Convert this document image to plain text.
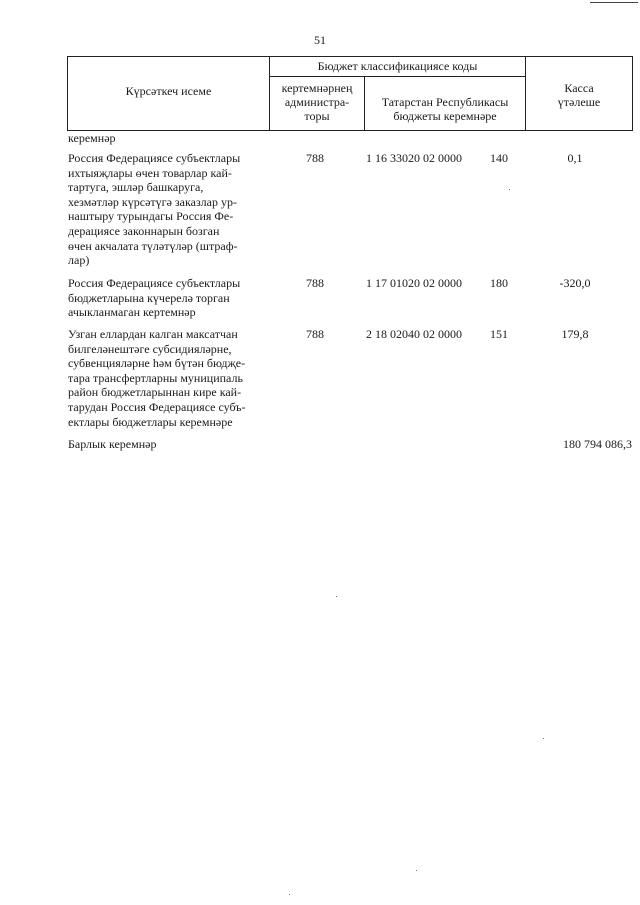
51
Күрсәткеч исеме
Бюджет классификациясе коды
кертемнәрнең
администра-
торы
Татарстан Республикасы
бюджеты керемнәре
Касса
үтәлеше
керемнәр
Россия Федерациясе субъектлары
ихтыяҗлары өчен товарлар кай-
тартуга, эшләр башкаруга,
хезмәтләр күрсәтүгә заказлар ур-
наштыру турындагы Россия Фе-
дерациясе законнарын бозган
өчен акчалата түләтүләр (штраф-
лар)
788	1 16 33020 02 0000	140	0,1
Россия Федерациясе субъектлары
бюджетларына күчерелә торган
ачыкланмаган кертемнәр
788	1 17 01020 02 0000	180	-320,0
Узган еллардан калган максатчан
билгеләнештәге субсидияләрне,
субвенцияләрне һәм бүтән бюдҗе-
тара трансфертларны муниципаль
район бюджетларыннан кире кай-
тарудан Россия Федерациясе субъ-
ектлары бюджетлары керемнәре
788	2 18 02040 02 0000	151	179,8
Барлык керемнәр	180 794 086,3
